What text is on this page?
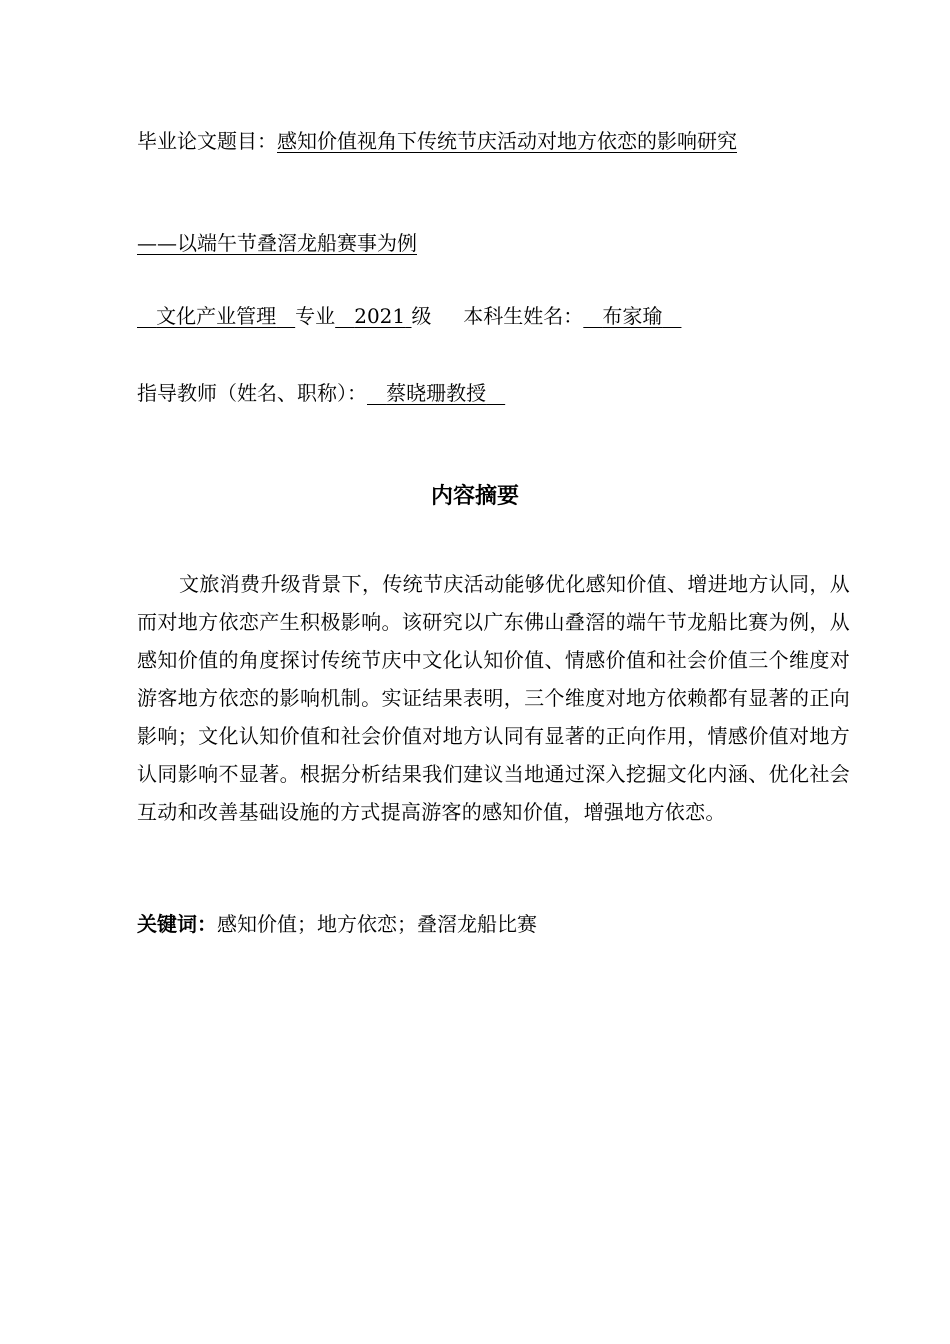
毕业论文题目：感知价值视角下传统节庆活动对地方依恋的影响研究
——以端午节叠滘龙船赛事为例
文化产业管理 专业 2021 级 本科生姓名： 布家瑜
指导教师（姓名、职称）： 蔡晓珊教授
内容摘要

文旅消费升级背景下，传统节庆活动能够优化感知价值、增进地方认同，从而对地方依恋产生积极影响。该研究以广东佛山叠滘的端午节龙船比赛为例，从感知价值的角度探讨传统节庆中文化认知价值、情感价值和社会价值三个维度对游客地方依恋的影响机制。实证结果表明，三个维度对地方依赖都有显著的正向影响；文化认知价值和社会价值对地方认同有显著的正向作用，情感价值对地方认同影响不显著。根据分析结果我们建议当地通过深入挖掘文化内涵、优化社会互动和改善基础设施的方式提高游客的感知价值，增强地方依恋。

关键词：感知价值；地方依恋；叠滘龙船比赛
